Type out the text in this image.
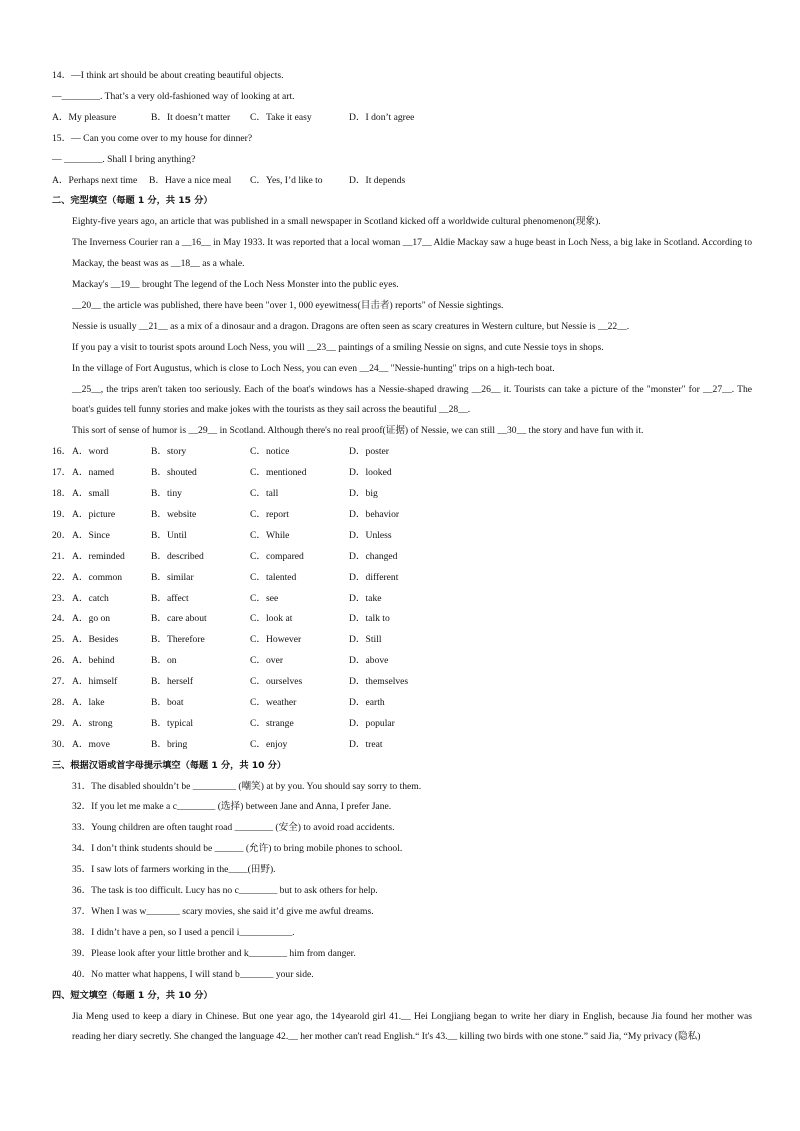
14．—I think art should be about creating beautiful objects.
—________. That’s a very old-fashioned way of looking at art.
A．My pleasure	B．It doesn’t matter C．Take it easy	D．I don’t agree
15．— Can you come over to my house for dinner?
— ________. Shall I bring anything?
A．Perhaps next time B．Have a nice meal C．Yes, I’d like to	D．It depends
二、完型填空（每题 1 分，共 15 分）
Eighty-five years ago, an article that was published in a small newspaper in Scotland kicked off a worldwide cultural phenomenon(现象).
The Inverness Courier ran a __16__ in May 1933. It was reported that a local woman __17__ Aldie Mackay saw a huge beast in Loch Ness, a big lake in Scotland. According to Mackay, the beast was as __18__ as a whale.
Mackay's __19__ brought The legend of the Loch Ness Monster into the public eyes.
__20__ the article was published, there have been "over 1, 000 eyewitness(目击者) reports" of Nessie sightings.
Nessie is usually __21__ as a mix of a dinosaur and a dragon. Dragons are often seen as scary creatures in Western culture, but Nessie is __22__.
If you pay a visit to tourist spots around Loch Ness, you will __23__ paintings of a smiling Nessie on signs, and cute Nessie toys in shops.
In the village of Fort Augustus, which is close to Loch Ness, you can even __24__ "Nessie-hunting" trips on a high-tech boat.
__25__, the trips aren't taken too seriously. Each of the boat's windows has a Nessie-shaped drawing __26__ it. Tourists can take a picture of the "monster" for __27__. The boat's guides tell funny stories and make jokes with the tourists as they sail across the beautiful __28__.
This sort of sense of humor is __29__ in Scotland. Although there's no real proof(证据) of Nessie, we can still __30__ the story and have fun with it.
16． A．word	B．story	C．notice	D．poster
17． A．named	B．shouted	C．mentioned	D．looked
18． A．small	B．tiny	C．tall	D．big
19． A．picture	B．website	C．report	D．behavior
20． A．Since	B．Until	C．While	D．Unless
21． A．reminded	B．described	C．compared	D．changed
22． A．common	B．similar	C．talented	D．different
23． A．catch	B．affect	C．see	D．take
24． A．go on	B．care about	C．look at	D．talk to
25． A．Besides	B．Therefore	C．However	D．Still
26． A．behind	B．on	C．over	D．above
27． A．himself	B．herself	C．ourselves	D．themselves
28． A．lake	B．boat	C．weather	D．earth
29． A．strong	B．typical	C．strange	D．popular
30． A．move	B．bring	C．enjoy	D．treat
三、根据汉语或首字母提示填空（每题 1 分，共 10 分）
31．The disabled shouldn’t be _________ (嘲笑) at by you. You should say sorry to them.
32．If you let me make a c________ (选择) between Jane and Anna, I prefer Jane.
33．Young children are often taught road ________ (安全) to avoid road accidents.
34．I don’t think students should be ______ (允许) to bring mobile phones to school.
35．I saw lots of farmers working in the____(田野).
36．The task is too difficult. Lucy has no c________ but to ask others for help.
37．When I was w_______ scary movies, she said it’d give me awful dreams.
38．I didn’t have a pen, so I used a pencil i___________.
39．Please look after your little brother and k________ him from danger.
40．No matter what happens, I will stand b_______ your side.
四、短文填空（每题 1 分，共 10 分）
Jia Meng used to keep a diary in Chinese. But one year ago, the 14yearold girl 41.__ Hei Longjiang began to write her diary in English, because Jia found her mother was reading her diary secretly. She changed the language 42.__ her mother can't read English.“ It's 43.__ killing two birds with one stone.” said Jia, “My privacy (隐私)
